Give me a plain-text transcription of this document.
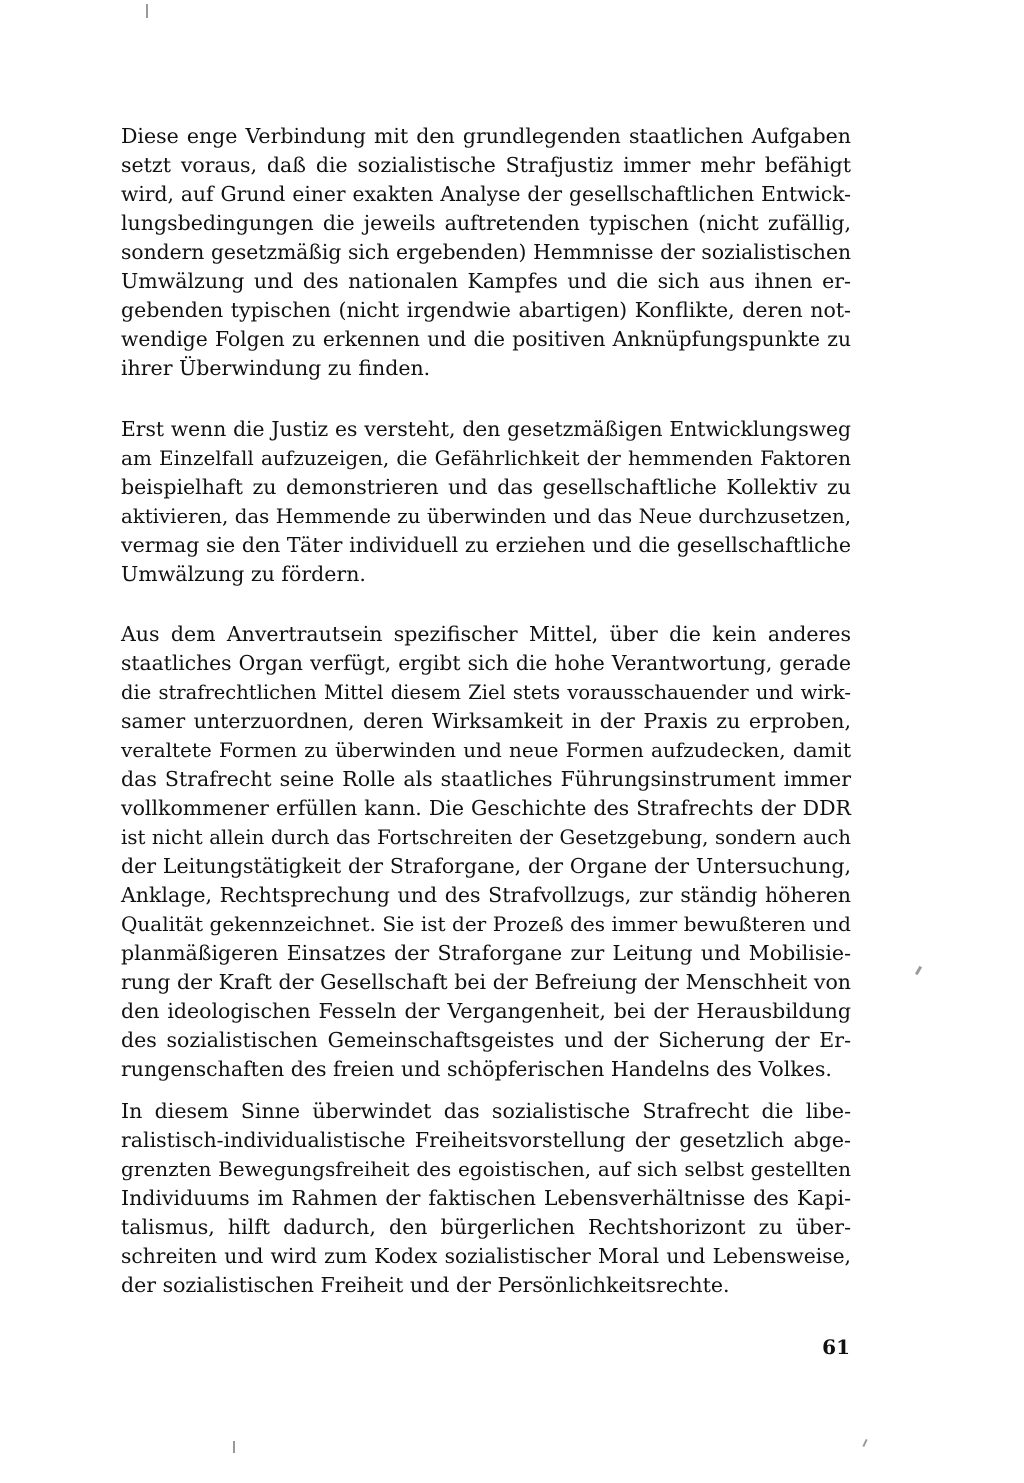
Diese enge Verbindung mit den grundlegenden staatlichen Aufgaben
setzt voraus, daß die sozialistische Strafjustiz immer mehr befähigt
wird, auf Grund einer exakten Analyse der gesellschaftlichen Entwick-
lungsbedingungen die jeweils auftretenden typischen (nicht zufällig,
sondern gesetzmäßig sich ergebenden) Hemmnisse der sozialistischen
Umwälzung und des nationalen Kampfes und die sich aus ihnen er-
gebenden typischen (nicht irgendwie abartigen) Konflikte, deren not-
wendige Folgen zu erkennen und die positiven Anknüpfungspunkte zu
ihrer Überwindung zu finden.
Erst wenn die Justiz es versteht, den gesetzmäßigen Entwicklungsweg
am Einzelfall aufzuzeigen, die Gefährlichkeit der hemmenden Faktoren
beispielhaft zu demonstrieren und das gesellschaftliche Kollektiv zu
aktivieren, das Hemmende zu überwinden und das Neue durchzusetzen,
vermag sie den Täter individuell zu erziehen und die gesellschaftliche
Umwälzung zu fördern.
Aus dem Anvertrautsein spezifischer Mittel, über die kein anderes
staatliches Organ verfügt, ergibt sich die hohe Verantwortung, gerade
die strafrechtlichen Mittel diesem Ziel stets vorausschauender und wirk-
samer unterzuordnen, deren Wirksamkeit in der Praxis zu erproben,
veraltete Formen zu überwinden und neue Formen aufzudecken, damit
das Strafrecht seine Rolle als staatliches Führungsinstrument immer
vollkommener erfüllen kann. Die Geschichte des Strafrechts der DDR
ist nicht allein durch das Fortschreiten der Gesetzgebung, sondern auch
der Leitungstätigkeit der Straforgane, der Organe der Untersuchung,
Anklage, Rechtsprechung und des Strafvollzugs, zur ständig höheren
Qualität gekennzeichnet. Sie ist der Prozeß des immer bewußteren und
planmäßigeren Einsatzes der Straforgane zur Leitung und Mobilisie-
rung der Kraft der Gesellschaft bei der Befreiung der Menschheit von
den ideologischen Fesseln der Vergangenheit, bei der Herausbildung
des sozialistischen Gemeinschaftsgeistes und der Sicherung der Er-
rungenschaften des freien und schöpferischen Handelns des Volkes.
In diesem Sinne überwindet das sozialistische Strafrecht die libe-
ralistisch-individualistische Freiheitsvorstellung der gesetzlich abge-
grenzten Bewegungsfreiheit des egoistischen, auf sich selbst gestellten
Individuums im Rahmen der faktischen Lebensverhältnisse des Kapi-
talismus, hilft dadurch, den bürgerlichen Rechtshorizont zu über-
schreiten und wird zum Kodex sozialistischer Moral und Lebensweise,
der sozialistischen Freiheit und der Persönlichkeitsrechte.
61
